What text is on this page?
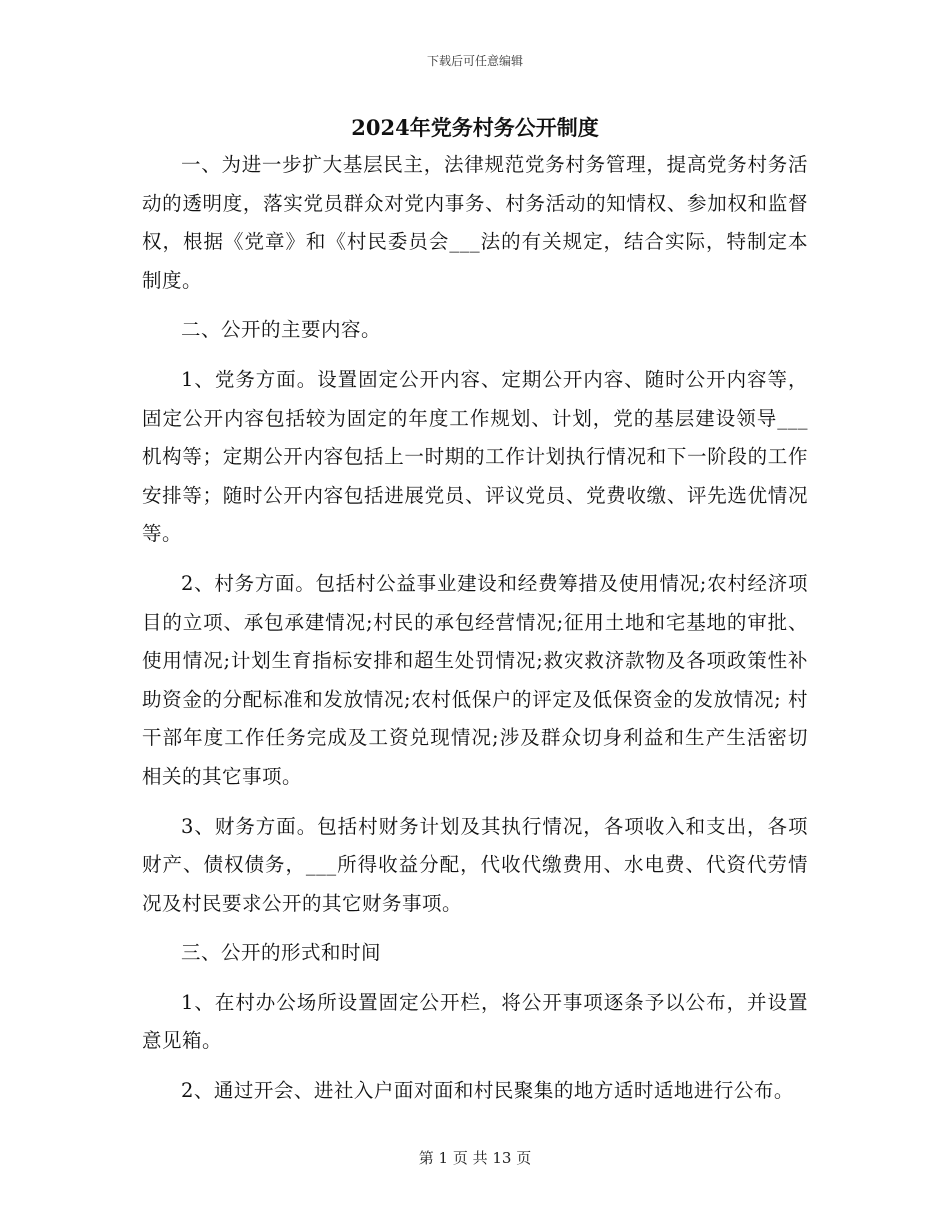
下载后可任意编辑
2024年党务村务公开制度

一、为进一步扩大基层民主，法律规范党务村务管理，提高党务村务活动的透明度，落实党员群众对党内事务、村务活动的知情权、参加权和监督权，根据《党章》和《村民委员会___法的有关规定，结合实际，特制定本制度。

二、公开的主要内容。

1、党务方面。设置固定公开内容、定期公开内容、随时公开内容等，固定公开内容包括较为固定的年度工作规划、计划，党的基层建设领导___机构等；定期公开内容包括上一时期的工作计划执行情况和下一阶段的工作安排等；随时公开内容包括进展党员、评议党员、党费收缴、评先选优情况等。

2、村务方面。包括村公益事业建设和经费筹措及使用情况;农村经济项目的立项、承包承建情况;村民的承包经营情况;征用土地和宅基地的审批、使用情况;计划生育指标安排和超生处罚情况;救灾救济款物及各项政策性补助资金的分配标准和发放情况;农村低保户的评定及低保资金的发放情况; 村干部年度工作任务完成及工资兑现情况;涉及群众切身利益和生产生活密切相关的其它事项。

3、财务方面。包括村财务计划及其执行情况，各项收入和支出，各项财产、债权债务，___所得收益分配，代收代缴费用、水电费、代资代劳情况及村民要求公开的其它财务事项。

三、公开的形式和时间

1、在村办公场所设置固定公开栏，将公开事项逐条予以公布，并设置意见箱。

2、通过开会、进社入户面对面和村民聚集的地方适时适地进行公布。

第 1 页 共 13 页
